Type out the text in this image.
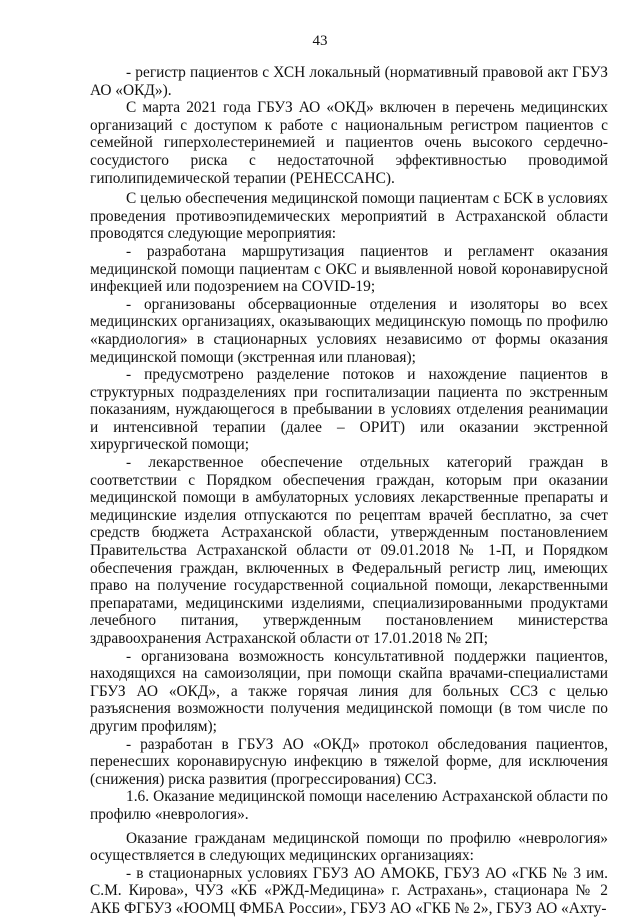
43

- регистр пациентов с ХСН локальный (нормативный правовой акт ГБУЗ АО «ОКД»).

С марта 2021 года ГБУЗ АО «ОКД» включен в перечень медицинских организаций с доступом к работе с национальным регистром пациентов с семейной гиперхолестеринемией и пациентов очень высокого сердечно-сосудистого риска с недостаточной эффективностью проводимой гиполипидемической терапии (РЕНЕССАНС).

С целью обеспечения медицинской помощи пациентам с БСК в условиях проведения противоэпидемических мероприятий в Астраханской области проводятся следующие мероприятия:

- разработана маршрутизация пациентов и регламент оказания медицинской помощи пациентам с ОКС и выявленной новой коронавирусной инфекцией или подозрением на COVID-19;

- организованы обсервационные отделения и изоляторы во всех медицинских организациях, оказывающих медицинскую помощь по профилю «кардиология» в стационарных условиях независимо от формы оказания медицинской помощи (экстренная или плановая);

- предусмотрено разделение потоков и нахождение пациентов в структурных подразделениях при госпитализации пациента по экстренным показаниям, нуждающегося в пребывании в условиях отделения реанимации и интенсивной терапии (далее – ОРИТ) или оказании экстренной хирургической помощи;

- лекарственное обеспечение отдельных категорий граждан в соответствии с Порядком обеспечения граждан, которым при оказании медицинской помощи в амбулаторных условиях лекарственные препараты и медицинские изделия отпускаются по рецептам врачей бесплатно, за счет средств бюджета Астраханской области, утвержденным постановлением Правительства Астраханской области от 09.01.2018 № 1-П, и Порядком обеспечения граждан, включенных в Федеральный регистр лиц, имеющих право на получение государственной социальной помощи, лекарственными препаратами, медицинскими изделиями, специализированными продуктами лечебного питания, утвержденным постановлением министерства здравоохранения Астраханской области от 17.01.2018 № 2П;

- организована возможность консультативной поддержки пациентов, находящихся на самоизоляции, при помощи скайпа врачами-специалистами ГБУЗ АО «ОКД», а также горячая линия для больных ССЗ с целью разъяснения возможности получения медицинской помощи (в том числе по другим профилям);

- разработан в ГБУЗ АО «ОКД» протокол обследования пациентов, перенесших коронавирусную инфекцию в тяжелой форме, для исключения (снижения) риска развития (прогрессирования) ССЗ.

1.6. Оказание медицинской помощи населению Астраханской области по профилю «неврология».

Оказание гражданам медицинской помощи по профилю «неврология» осуществляется в следующих медицинских организациях:

- в стационарных условиях ГБУЗ АО АМОКБ, ГБУЗ АО «ГКБ № 3 им. С.М. Кирова», ЧУЗ «КБ «РЖД-Медицина» г. Астрахань», стационара № 2 АКБ ФГБУЗ «ЮОМЦ ФМБА России», ГБУЗ АО «ГКБ № 2», ГБУЗ АО «Ахту-
